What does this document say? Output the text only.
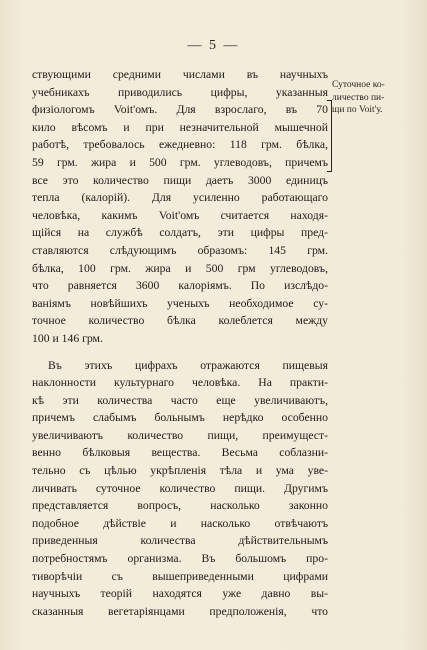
— 5 —
Суточное ко-
личество пи-
щи по Voit'у.
ствующими средними числами въ научныхъ
учебникахъ приводились цифры, указанныя
физiологомъ Voit'омъ. Для взрослаго, въ 70
кило вѣсомъ и при незначительной мышечной
работѣ, требовалось ежедневно: 118 грм. бѣлка,
59 грм. жира и 500 грм. углеводовъ, причемъ
все это количество пищи даетъ 3000 единицъ
тепла (калорiй). Для усиленно работающаго
человѣка, какимъ Voit'омъ считается находя-
щiйся на службѣ солдатъ, эти цифры пред-
ставляются слѣдующимъ образомъ: 145 грм.
бѣлка, 100 грм. жира и 500 грм углеводовъ,
что равняется 3600 калорiямъ. По изслѣдо-
ванiямъ новѣйшихъ ученыхъ необходимое су-
точное количество бѣлка колеблется между
100 и 146 грм.
Въ этихъ цифрахъ отражаются пищевыя
наклонности культурнаго человѣка. На практи-
кѣ эти количества часто еще увеличиваютъ,
причемъ слабымъ больнымъ нерѣдко особенно
увеличиваютъ количество пищи, преимущест-
венно бѣлковыя вещества. Весьма соблазни-
тельно съ цѣлью укрѣпленiя тѣла и ума уве-
личивать суточное количество пищи. Другимъ
представляется вопросъ, насколько законно
подобное дѣйствiе и насколько отвѣчаютъ
приведенныя количества дѣйствительнымъ
потребностямъ организма. Въ большомъ про-
тиворѣчiи съ вышеприведенными цифрами
научныхъ теорiй находятся уже давно вы-
сказанныя вегетарiянцами предположенiя, что
